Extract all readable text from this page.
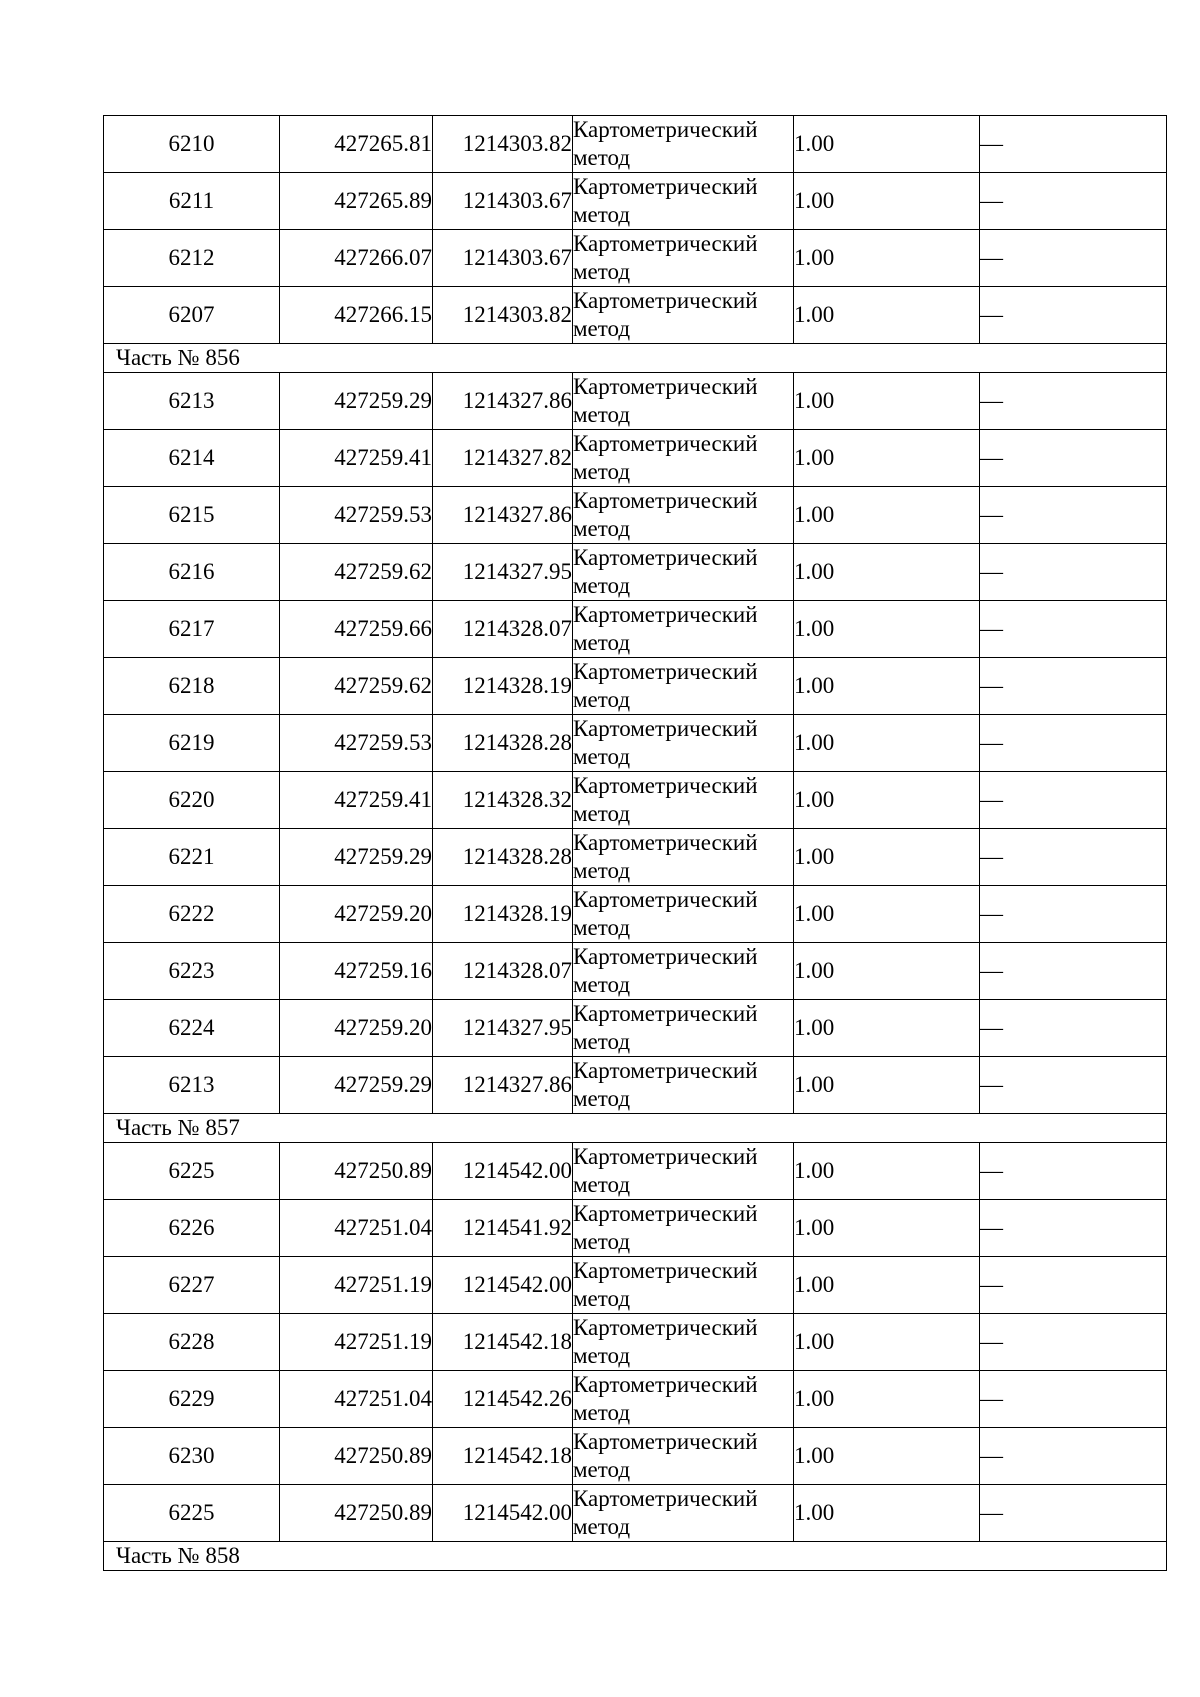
6210	427265.81	1214303.82	Картометрический
метод	1.00	—
6211	427265.89	1214303.67	Картометрический
метод	1.00	—
6212	427266.07	1214303.67	Картометрический
метод	1.00	—
6207	427266.15	1214303.82	Картометрический
метод	1.00	—
Часть № 856					
6213	427259.29	1214327.86	Картометрический
метод	1.00	—
6214	427259.41	1214327.82	Картометрический
метод	1.00	—
6215	427259.53	1214327.86	Картометрический
метод	1.00	—
6216	427259.62	1214327.95	Картометрический
метод	1.00	—
6217	427259.66	1214328.07	Картометрический
метод	1.00	—
6218	427259.62	1214328.19	Картометрический
метод	1.00	—
6219	427259.53	1214328.28	Картометрический
метод	1.00	—
6220	427259.41	1214328.32	Картометрический
метод	1.00	—
6221	427259.29	1214328.28	Картометрический
метод	1.00	—
6222	427259.20	1214328.19	Картометрический
метод	1.00	—
6223	427259.16	1214328.07	Картометрический
метод	1.00	—
6224	427259.20	1214327.95	Картометрический
метод	1.00	—
6213	427259.29	1214327.86	Картометрический
метод	1.00	—
Часть № 857					
6225	427250.89	1214542.00	Картометрический
метод	1.00	—
6226	427251.04	1214541.92	Картометрический
метод	1.00	—
6227	427251.19	1214542.00	Картометрический
метод	1.00	—
6228	427251.19	1214542.18	Картометрический
метод	1.00	—
6229	427251.04	1214542.26	Картометрический
метод	1.00	—
6230	427250.89	1214542.18	Картометрический
метод	1.00	—
6225	427250.89	1214542.00	Картометрический
метод	1.00	—
Часть № 858					
